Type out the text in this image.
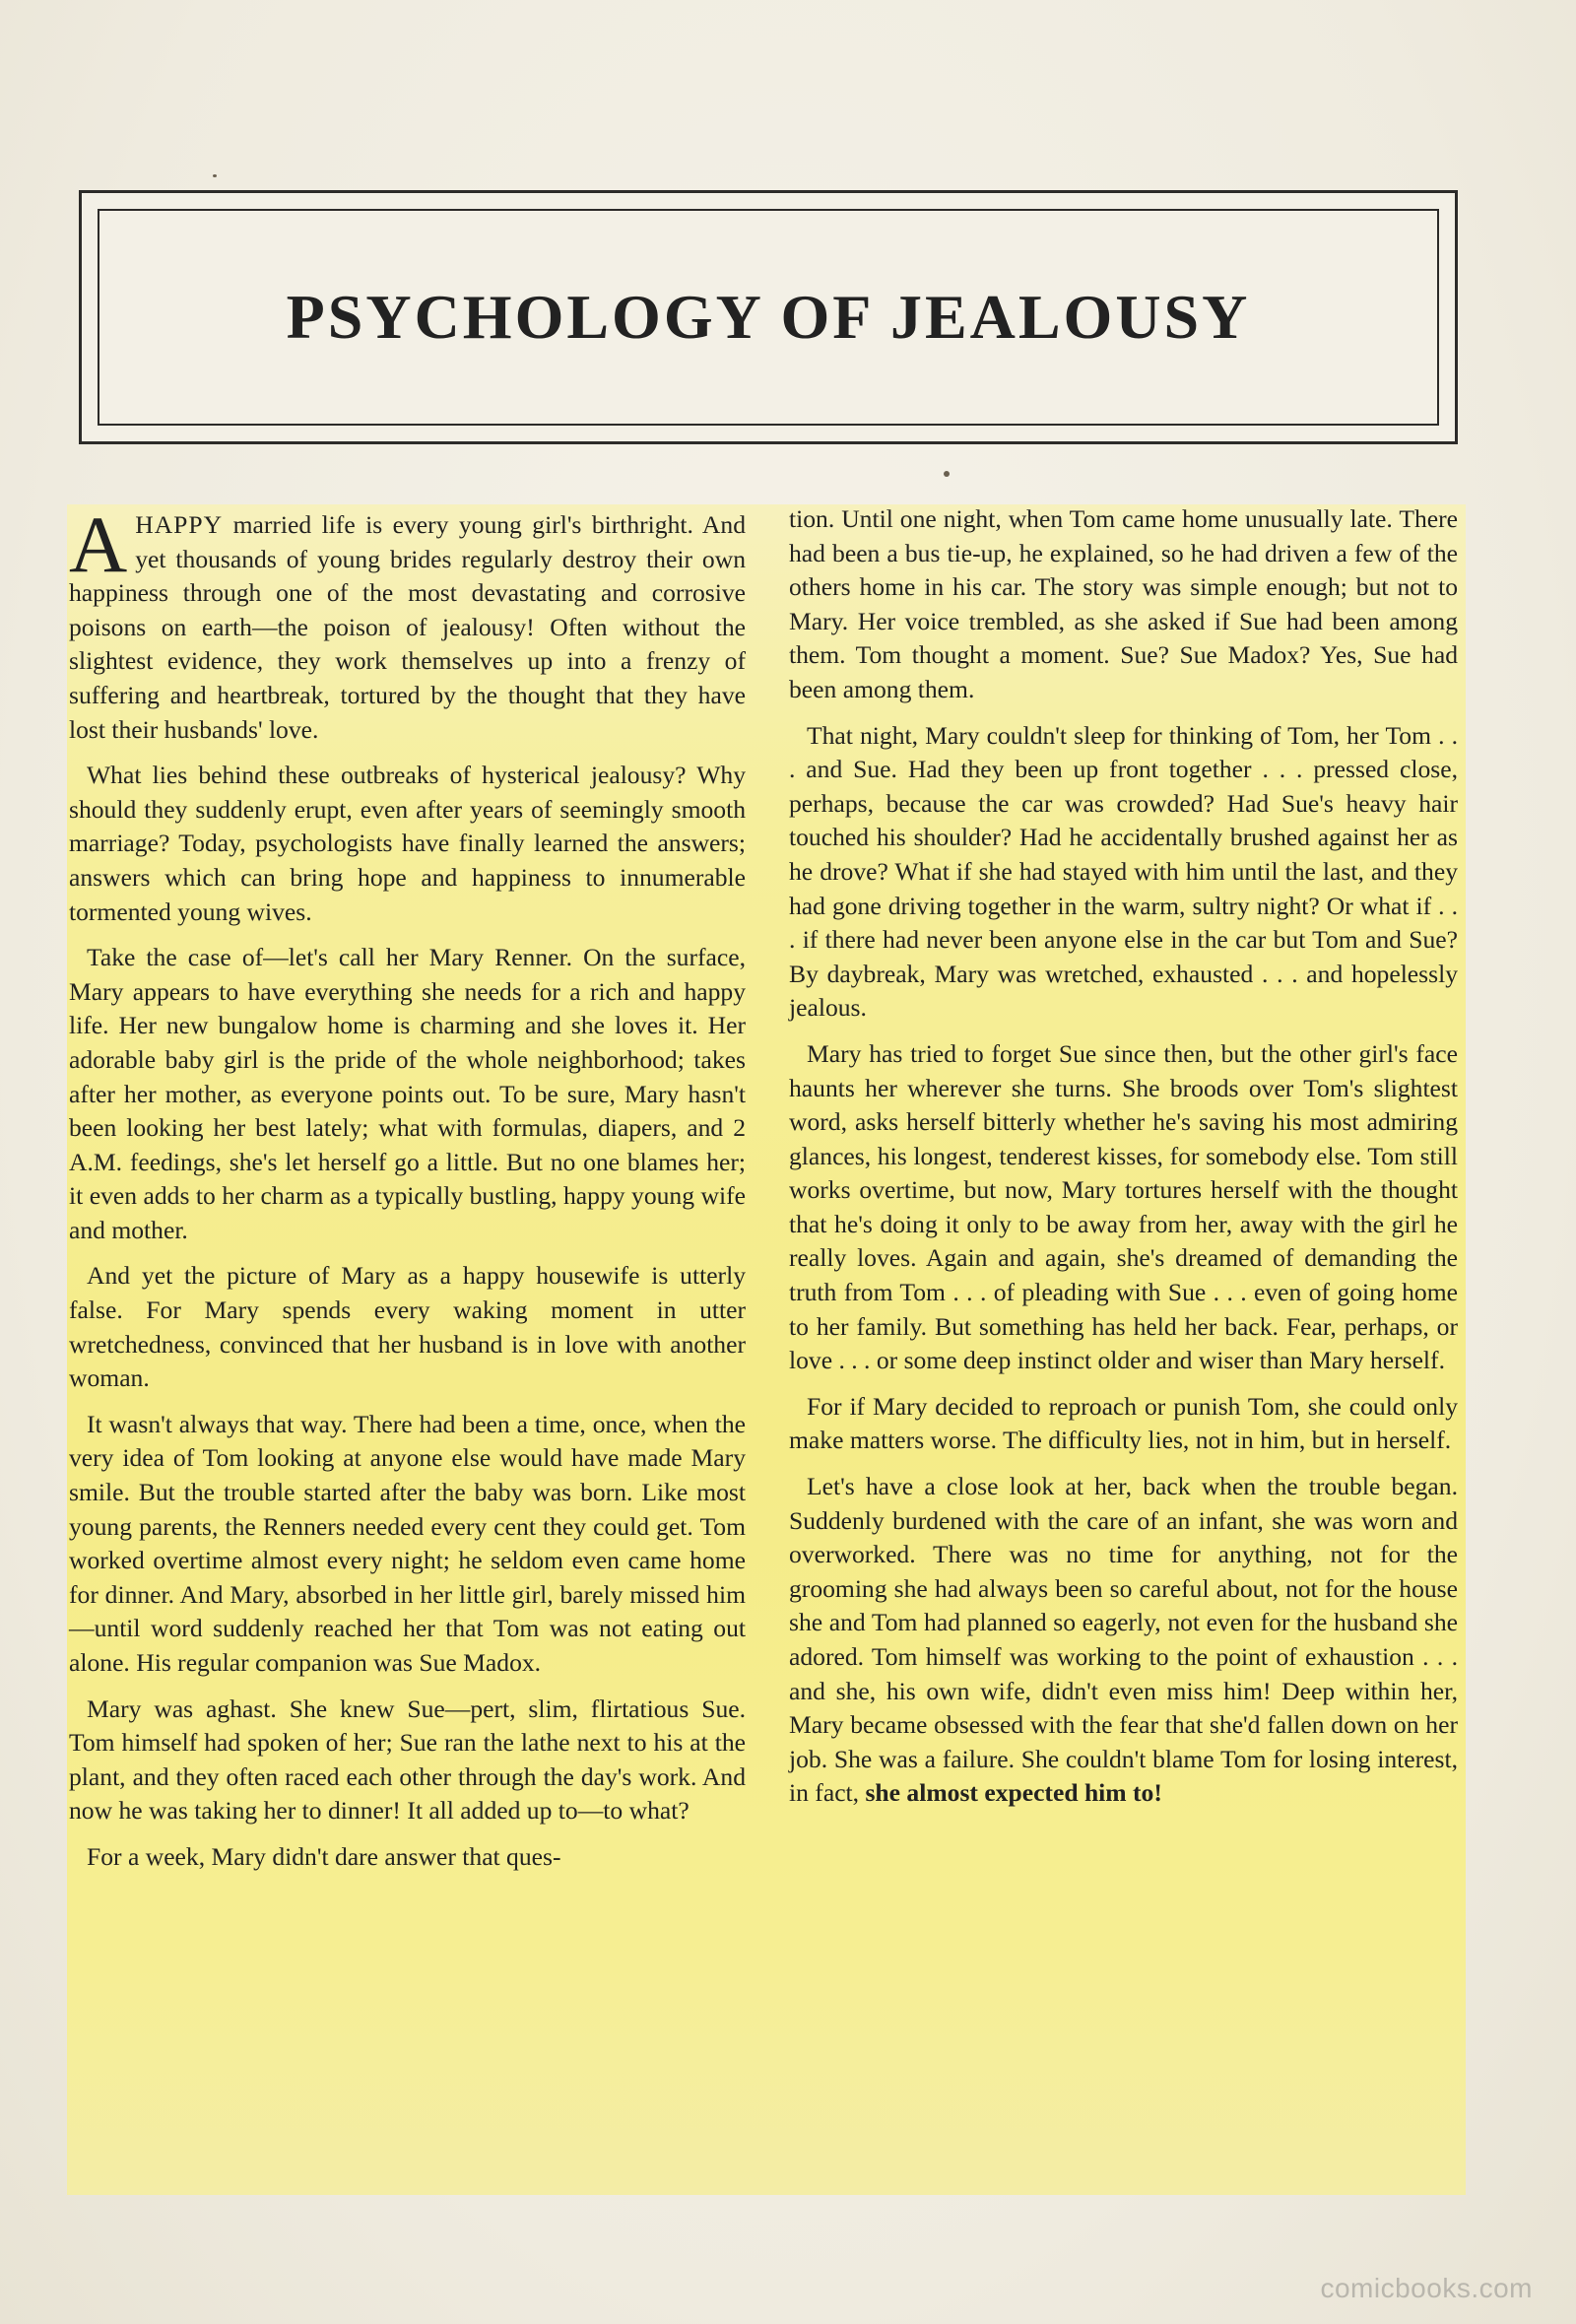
PSYCHOLOGY OF JEALOUSY

AHAPPY married life is every young girl's birthright. And yet thousands of young brides regularly destroy their own happiness through one of the most devastating and corrosive poisons on earth—the poison of jealousy! Often without the slightest evidence, they work themselves up into a frenzy of suffering and heartbreak, tortured by the thought that they have lost their husbands' love.

What lies behind these outbreaks of hysterical jealousy? Why should they suddenly erupt, even after years of seemingly smooth marriage? Today, psychologists have finally learned the answers; answers which can bring hope and happiness to innumerable tormented young wives.

Take the case of—let's call her Mary Renner. On the surface, Mary appears to have everything she needs for a rich and happy life. Her new bungalow home is charming and she loves it. Her adorable baby girl is the pride of the whole neighborhood; takes after her mother, as everyone points out. To be sure, Mary hasn't been looking her best lately; what with formulas, diapers, and 2 A.M. feedings, she's let herself go a little. But no one blames her; it even adds to her charm as a typically bustling, happy young wife and mother.

And yet the picture of Mary as a happy housewife is utterly false. For Mary spends every waking moment in utter wretchedness, convinced that her husband is in love with another woman.

It wasn't always that way. There had been a time, once, when the very idea of Tom looking at anyone else would have made Mary smile. But the trouble started after the baby was born. Like most young parents, the Renners needed every cent they could get. Tom worked overtime almost every night; he seldom even came home for dinner. And Mary, absorbed in her little girl, barely missed him—until word suddenly reached her that Tom was not eating out alone. His regular companion was Sue Madox.

Mary was aghast. She knew Sue—pert, slim, flirtatious Sue. Tom himself had spoken of her; Sue ran the lathe next to his at the plant, and they often raced each other through the day's work. And now he was taking her to dinner! It all added up to—to what?

For a week, Mary didn't dare answer that ques-

tion. Until one night, when Tom came home unusually late. There had been a bus tie-up, he explained, so he had driven a few of the others home in his car. The story was simple enough; but not to Mary. Her voice trembled, as she asked if Sue had been among them. Tom thought a moment. Sue? Sue Madox? Yes, Sue had been among them.

That night, Mary couldn't sleep for thinking of Tom, her Tom . . . and Sue. Had they been up front together . . . pressed close, perhaps, because the car was crowded? Had Sue's heavy hair touched his shoulder? Had he accidentally brushed against her as he drove? What if she had stayed with him until the last, and they had gone driving together in the warm, sultry night? Or what if . . . if there had never been anyone else in the car but Tom and Sue? By daybreak, Mary was wretched, exhausted . . . and hopelessly jealous.

Mary has tried to forget Sue since then, but the other girl's face haunts her wherever she turns. She broods over Tom's slightest word, asks herself bitterly whether he's saving his most admiring glances, his longest, tenderest kisses, for somebody else. Tom still works overtime, but now, Mary tortures herself with the thought that he's doing it only to be away from her, away with the girl he really loves. Again and again, she's dreamed of demanding the truth from Tom . . . of pleading with Sue . . . even of going home to her family. But something has held her back. Fear, perhaps, or love . . . or some deep instinct older and wiser than Mary herself.

For if Mary decided to reproach or punish Tom, she could only make matters worse. The difficulty lies, not in him, but in herself.

Let's have a close look at her, back when the trouble began. Suddenly burdened with the care of an infant, she was worn and overworked. There was no time for anything, not for the grooming she had always been so careful about, not for the house she and Tom had planned so eagerly, not even for the husband she adored. Tom himself was working to the point of exhaustion . . . and she, his own wife, didn't even miss him! Deep within her, Mary became obsessed with the fear that she'd fallen down on her job. She was a failure. She couldn't blame Tom for losing interest, in fact, she almost expected him to!

comicbooks.com
